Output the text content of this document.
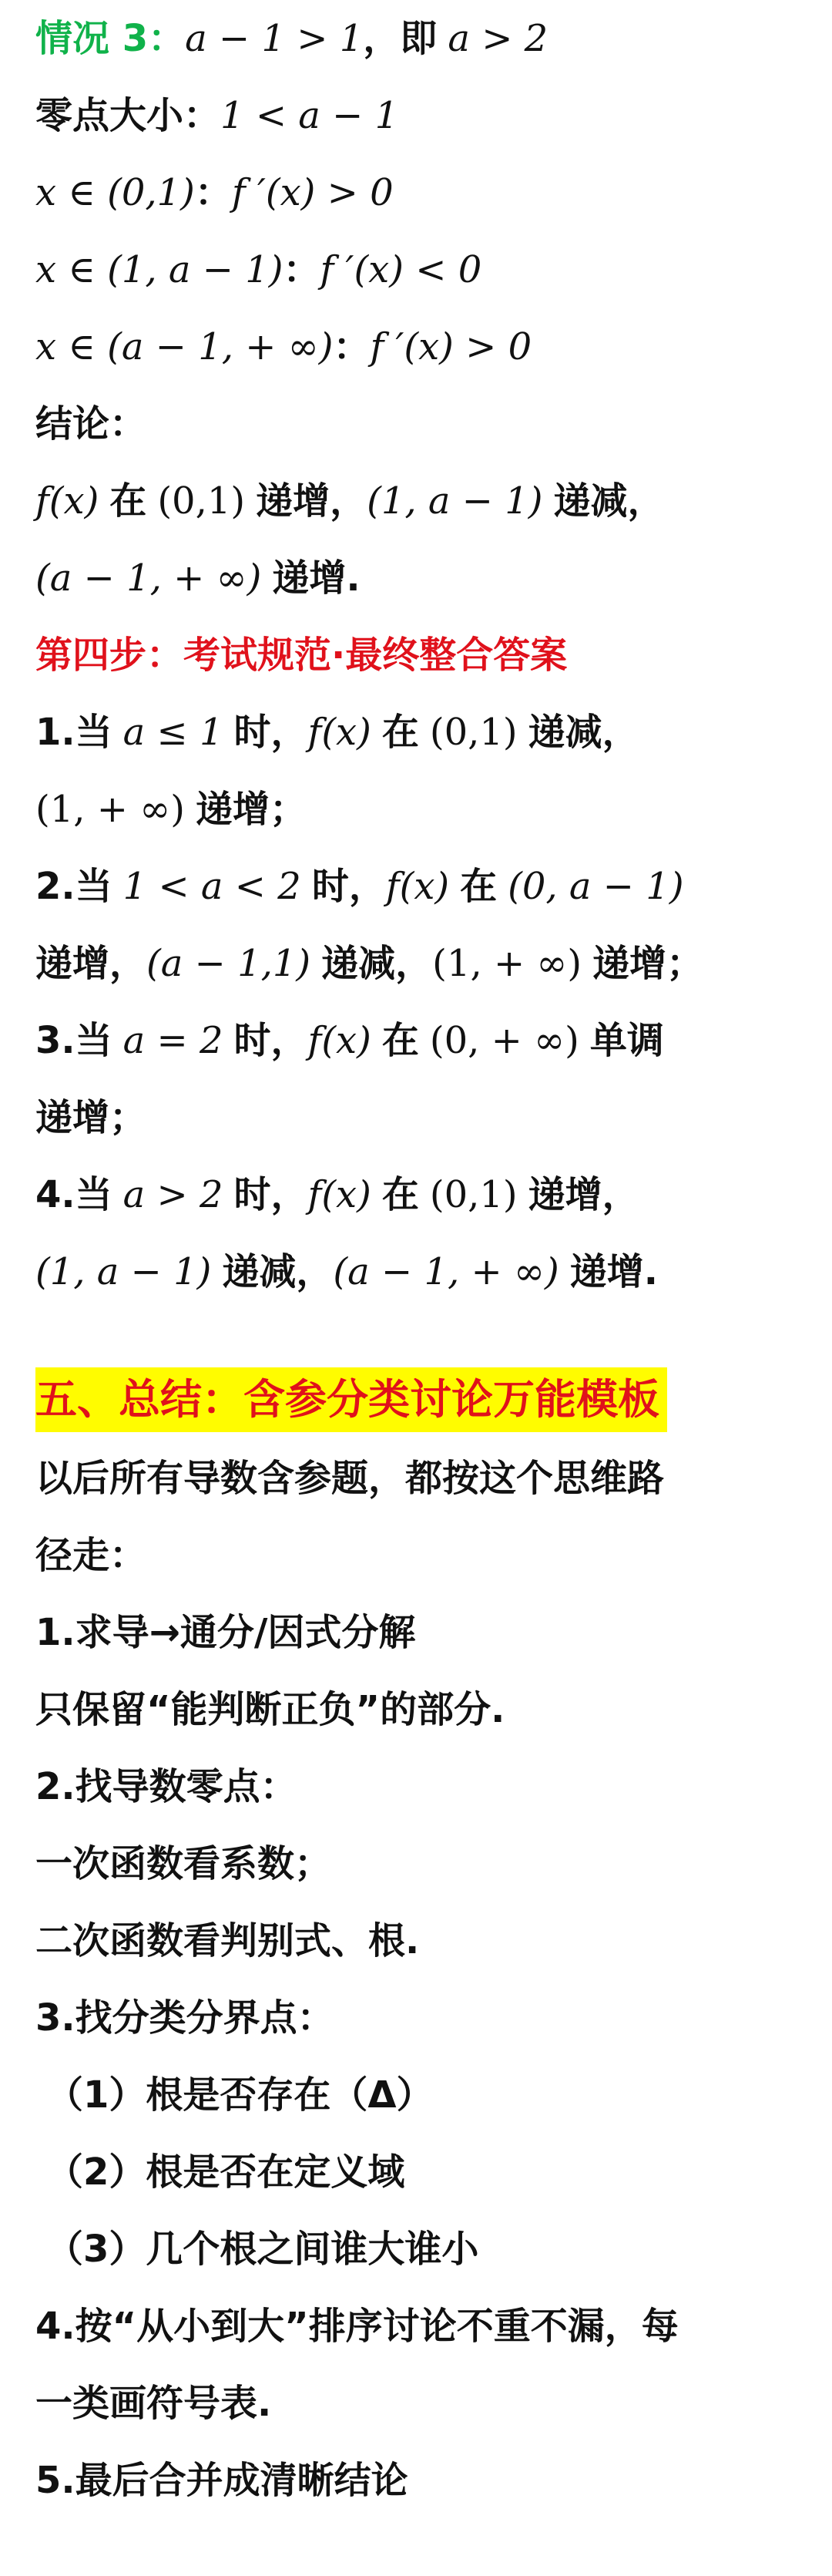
情况 3：a − 1 > 1，即 a > 2
零点大小：1 < a − 1
x ∈ (0,1)：f ′(x) > 0
x ∈ (1, a − 1)：f ′(x) < 0
x ∈ (a − 1, + ∞)：f ′(x) > 0
结论：
f(x) 在 (0,1) 递增，(1, a − 1) 递减，
(a − 1, + ∞) 递增.
第四步：考试规范·最终整合答案
1.当 a ≤ 1 时，f(x) 在 (0,1) 递减，
(1, + ∞) 递增；
2.当 1 < a < 2 时，f(x) 在 (0, a − 1)
递增，(a − 1,1) 递减，(1, + ∞) 递增；
3.当 a = 2 时，f(x) 在 (0, + ∞) 单调
递增；
4.当 a > 2 时，f(x) 在 (0,1) 递增，
(1, a − 1) 递减，(a − 1, + ∞) 递增.
五、总结：含参分类讨论万能模板
以后所有导数含参题，都按这个思维路
径走：
1.求导→通分/因式分解
只保留“能判断正负”的部分.
2.找导数零点：
一次函数看系数；
二次函数看判别式、根.
3.找分类分界点：
（1）根是否存在（Δ）
（2）根是否在定义域
（3）几个根之间谁大谁小
4.按“从小到大”排序讨论不重不漏，每
一类画符号表.
5.最后合并成清晰结论
